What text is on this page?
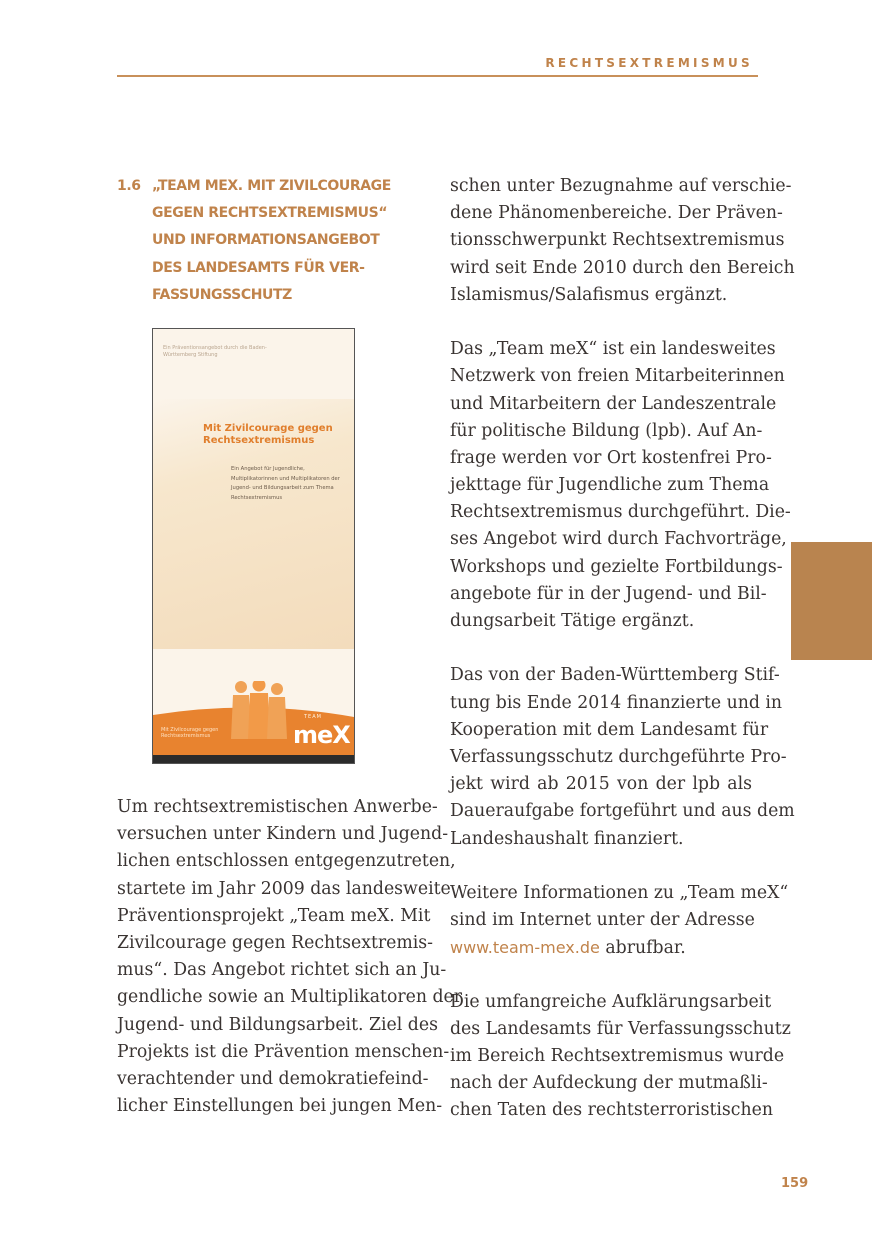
RECHTSEXTREMISMUS
1.6 „TEAM MEX. MIT ZIVILCOURAGE
GEGEN RECHTSEXTREMISMUS“
UND INFORMATIONSANGEBOT
DES LANDESAMTS FÜR VER-
FASSUNGSSCHUTZ
Ein Präventionsangebot durch die Baden-Württemberg Stiftung
Mit Zivilcourage gegen Rechtsextremismus
Ein Angebot für Jugendliche, Multiplikatorinnen und Multiplikatoren der Jugend- und Bildungsarbeit zum Thema Rechtsextremismus
TEAM
meX
Mit Zivilcourage gegen Rechtsextremismus
Um rechtsextremistischen Anwerbe-
versuchen unter Kindern und Jugend-
lichen entschlossen entgegenzutreten,
startete im Jahr 2009 das landesweite
Präventionsprojekt „Team meX. Mit
Zivilcourage gegen Rechtsextremis-
mus“. Das Angebot richtet sich an Ju-
gendliche sowie an Multiplikatoren der
Jugend- und Bildungsarbeit. Ziel des
Projekts ist die Prävention menschen-
verachtender und demokratiefeind-
licher Einstellungen bei jungen Men-
schen unter Bezugnahme auf verschie-
dene Phänomenbereiche. Der Präven-
tionsschwerpunkt Rechtsextremismus
wird seit Ende 2010 durch den Bereich
Islamismus/Salafismus ergänzt.
Das „Team meX“ ist ein landesweites
Netzwerk von freien Mitarbeiterinnen
und Mitarbeitern der Landeszentrale
für politische Bildung (lpb). Auf An-
frage werden vor Ort kostenfrei Pro-
jekttage für Jugendliche zum Thema
Rechtsextremismus durchgeführt. Die-
ses Angebot wird durch Fachvorträge,
Workshops und gezielte Fortbildungs-
angebote für in der Jugend- und Bil-
dungsarbeit Tätige ergänzt.
Das von der Baden-Württemberg Stif-
tung bis Ende 2014 finanzierte und in
Kooperation mit dem Landesamt für
Verfassungsschutz durchgeführte Pro-
jekt wird ab 2015 von der lpb als
Daueraufgabe fortgeführt und aus dem
Landeshaushalt finanziert.
Weitere Informationen zu „Team meX“
sind im Internet unter der Adresse
www.team-mex.de abrufbar.
Die umfangreiche Aufklärungsarbeit
des Landesamts für Verfassungsschutz
im Bereich Rechtsextremismus wurde
nach der Aufdeckung der mutmaßli-
chen Taten des rechtsterroristischen
159
